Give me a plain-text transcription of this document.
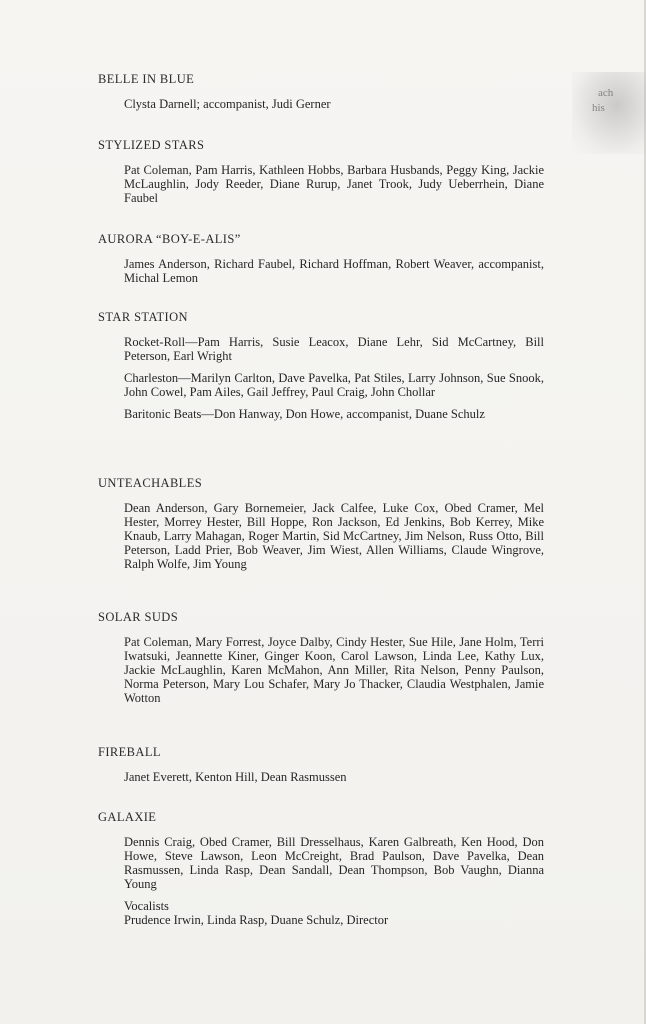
ach
his
BELLE IN BLUE
Clysta Darnell; accompanist, Judi Gerner
STYLIZED STARS
Pat Coleman, Pam Harris, Kathleen Hobbs, Barbara Husbands, Peggy King, Jackie McLaughlin, Jody Reeder, Diane Rurup, Janet Trook, Judy Ueberrhein, Diane Faubel
AURORA “BOY-E-ALIS”
James Anderson, Richard Faubel, Richard Hoffman, Robert Weaver, accompanist, Michal Lemon
STAR STATION
Rocket-Roll—Pam Harris, Susie Leacox, Diane Lehr, Sid McCartney, Bill Peterson, Earl Wright
Charleston—Marilyn Carlton, Dave Pavelka, Pat Stiles, Larry Johnson, Sue Snook, John Cowel, Pam Ailes, Gail Jeffrey, Paul Craig, John Chollar
Baritonic Beats—Don Hanway, Don Howe, accompanist, Duane Schulz
UNTEACHABLES
Dean Anderson, Gary Bornemeier, Jack Calfee, Luke Cox, Obed Cramer, Mel Hester, Morrey Hester, Bill Hoppe, Ron Jackson, Ed Jenkins, Bob Kerrey, Mike Knaub, Larry Mahagan, Roger Martin, Sid McCartney, Jim Nelson, Russ Otto, Bill Peterson, Ladd Prier, Bob Weaver, Jim Wiest, Allen Williams, Claude Wingrove, Ralph Wolfe, Jim Young
SOLAR SUDS
Pat Coleman, Mary Forrest, Joyce Dalby, Cindy Hester, Sue Hile, Jane Holm, Terri Iwatsuki, Jeannette Kiner, Ginger Koon, Carol Lawson, Linda Lee, Kathy Lux, Jackie McLaughlin, Karen McMahon, Ann Miller, Rita Nelson, Penny Paulson, Norma Peterson, Mary Lou Schafer, Mary Jo Thacker, Claudia Westphalen, Jamie Wotton
FIREBALL
Janet Everett, Kenton Hill, Dean Rasmussen
GALAXIE
Dennis Craig, Obed Cramer, Bill Dresselhaus, Karen Galbreath, Ken Hood, Don Howe, Steve Lawson, Leon McCreight, Brad Paulson, Dave Pavelka, Dean Rasmussen, Linda Rasp, Dean Sandall, Dean Thompson, Bob Vaughn, Dianna Young
Vocalists
Prudence Irwin, Linda Rasp, Duane Schulz, Director
